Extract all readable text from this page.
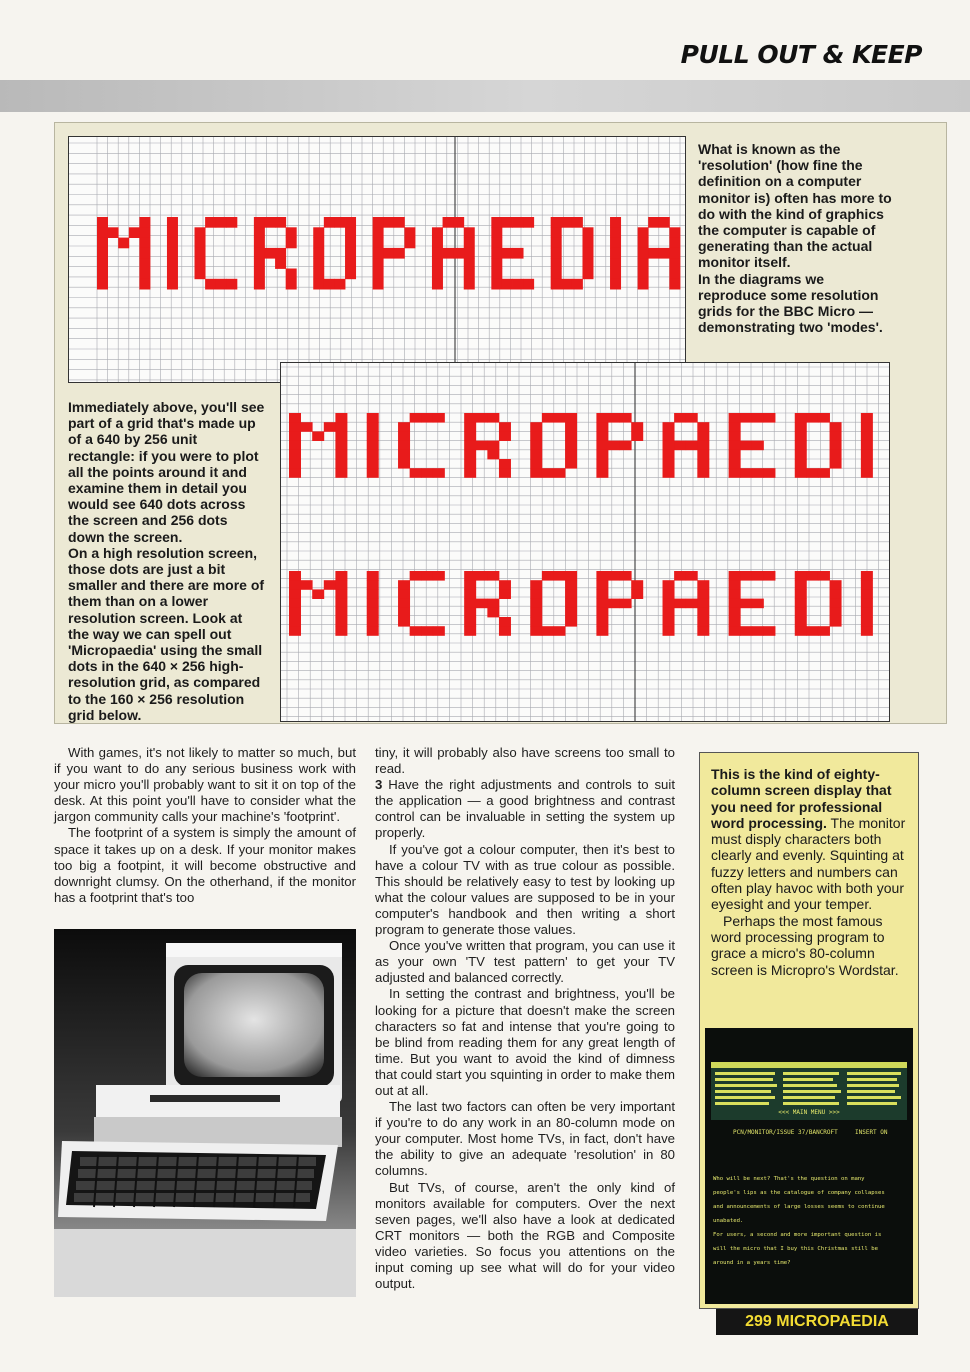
PULL OUT & KEEP

What is known as the 'resolution' (how fine the definition on a computer monitor is) often has more to do with the kind of graphics the computer is capable of generating than the actual monitor itself.

In the diagrams we reproduce some resolution grids for the BBC Micro — demonstrating two 'modes'.

Immediately above, you'll see part of a grid that's made up of a 640 by 256 unit rectangle: if you were to plot all the points around it and examine them in detail you would see 640 dots across the screen and 256 dots down the screen.

On a high resolution screen, those dots are just a bit smaller and there are more of them than on a lower resolution screen. Look at the way we can spell out 'Micropaedia' using the small dots in the 640 × 256 high-resolution grid, as compared to the 160 × 256 resolution grid below.

With games, it's not likely to matter so much, but if you want to do any serious business work with your micro you'll probably want to sit it on top of the desk. At this point you'll have to consider what the jargon community calls your machine's 'footprint'.

The footprint of a system is simply the amount of space it takes up on a desk. If your monitor makes too big a footpint, it will become obstructive and downright clumsy. On the otherhand, if the monitor has a footprint that's too

tiny, it will probably also have screens too small to read.

3 Have the right adjustments and controls to suit the application — a good brightness and contrast control can be invaluable in setting the system up properly.

If you've got a colour computer, then it's best to have a colour TV with as true colour as possible. This should be relatively easy to test by looking up what the colour values are supposed to be in your computer's handbook and then writing a short program to generate those values.

Once you've written that program, you can use it as your own 'TV test pattern' to get your TV adjusted and balanced correctly.

In setting the contrast and brightness, you'll be looking for a picture that doesn't make the screen characters so fat and intense that you're going to be blind from reading them for any great length of time. But you want to avoid the kind of dimness that could start you squinting in order to make them out at all.

The last two factors can often be very important if you're to do any work in an 80-column mode on your computer. Most home TVs, in fact, don't have the ability to give an adequate 'resolution' in 80 columns.

But TVs, of course, aren't the only kind of monitors available for computers. Over the next seven pages, we'll also have a look at dedicated CRT monitors — both the RGB and Composite video varieties. So focus you attentions on the input coming up see what will do for your video output.

This is the kind of eighty-column screen display that you need for professional word processing. The monitor must disply characters both clearly and evenly. Squinting at fuzzy letters and numbers can often play havoc with both your eyesight and your temper.

Perhaps the most famous word processing program to grace a micro's 80-column screen is Micropro's Wordstar.

<<< MAIN MENU >>>
PCN/MONITOR/ISSUE 37/BANCROFT	INSERT ON
Who will be next? That's the question on many
people's lips as the catalogue of company collapses
and announcements of large losses seems to continue
unabated.
For users, a second and more important question is
will the micro that I buy this Christmas still be
around in a years time?
299 MICROPAEDIA
